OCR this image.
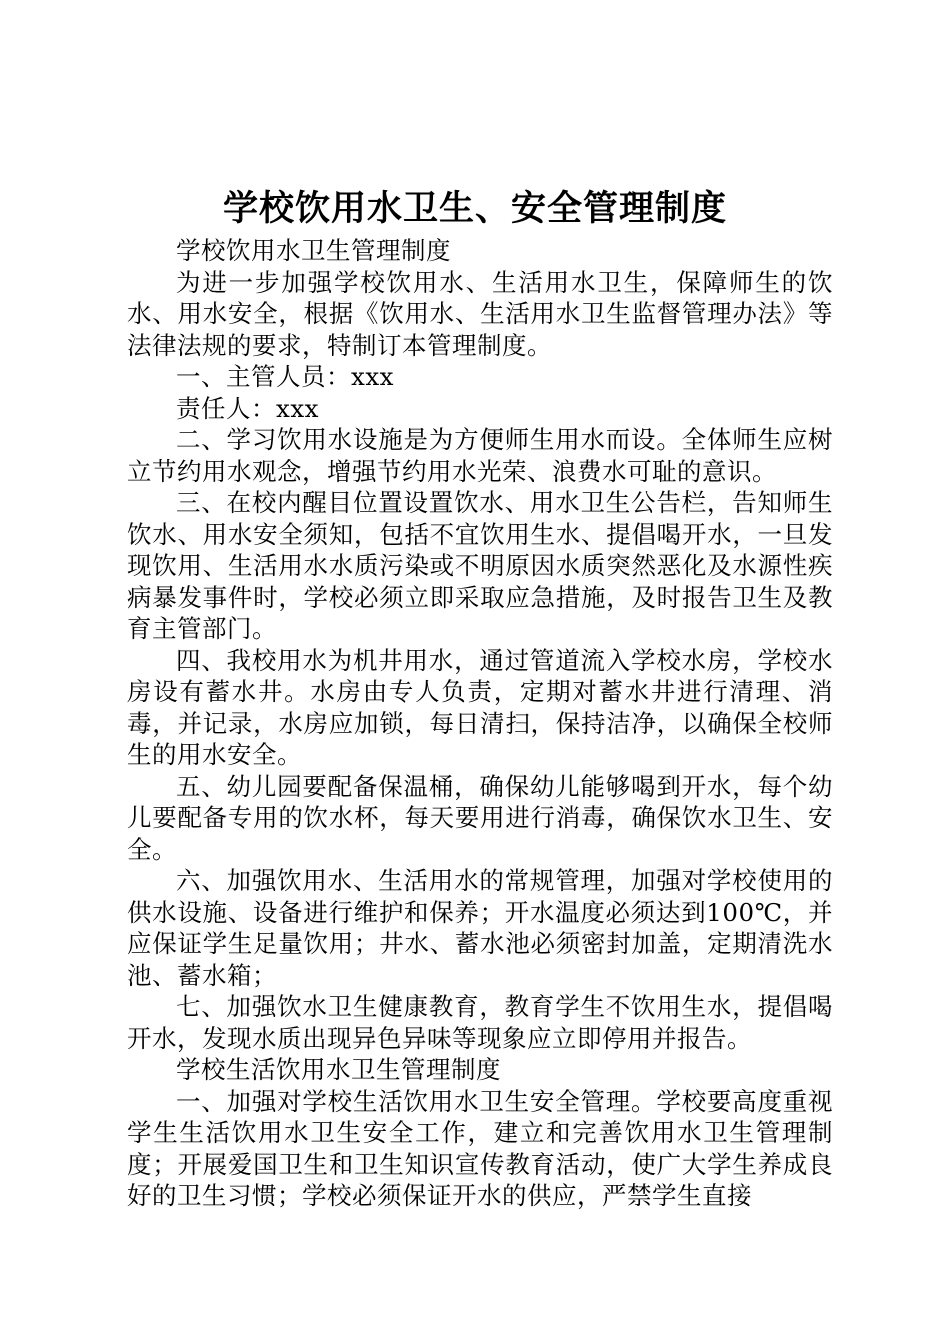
学校饮用水卫生、安全管理制度

学校饮用水卫生管理制度

为进一步加强学校饮用水、生活用水卫生，保障师生的饮水、用水安全，根据《饮用水、生活用水卫生监督管理办法》等法律法规的要求，特制订本管理制度。

一、主管人员：xxx

责任人：xxx

二、学习饮用水设施是为方便师生用水而设。全体师生应树立节约用水观念，增强节约用水光荣、浪费水可耻的意识。

三、在校内醒目位置设置饮水、用水卫生公告栏，告知师生饮水、用水安全须知，包括不宜饮用生水、提倡喝开水，一旦发现饮用、生活用水水质污染或不明原因水质突然恶化及水源性疾病暴发事件时，学校必须立即采取应急措施，及时报告卫生及教育主管部门。

四、我校用水为机井用水，通过管道流入学校水房，学校水房设有蓄水井。水房由专人负责，定期对蓄水井进行清理、消毒，并记录，水房应加锁，每日清扫，保持洁净，以确保全校师生的用水安全。

五、幼儿园要配备保温桶，确保幼儿能够喝到开水，每个幼儿要配备专用的饮水杯，每天要用进行消毒，确保饮水卫生、安全。

六、加强饮用水、生活用水的常规管理，加强对学校使用的供水设施、设备进行维护和保养；开水温度必须达到100℃，并应保证学生足量饮用；井水、蓄水池必须密封加盖，定期清洗水池、蓄水箱；

七、加强饮水卫生健康教育，教育学生不饮用生水，提倡喝开水，发现水质出现异色异味等现象应立即停用并报告。

学校生活饮用水卫生管理制度

一、加强对学校生活饮用水卫生安全管理。学校要高度重视学生生活饮用水卫生安全工作，建立和完善饮用水卫生管理制度；开展爱国卫生和卫生知识宣传教育活动，使广大学生养成良好的卫生习惯；学校必须保证开水的供应，严禁学生直接
